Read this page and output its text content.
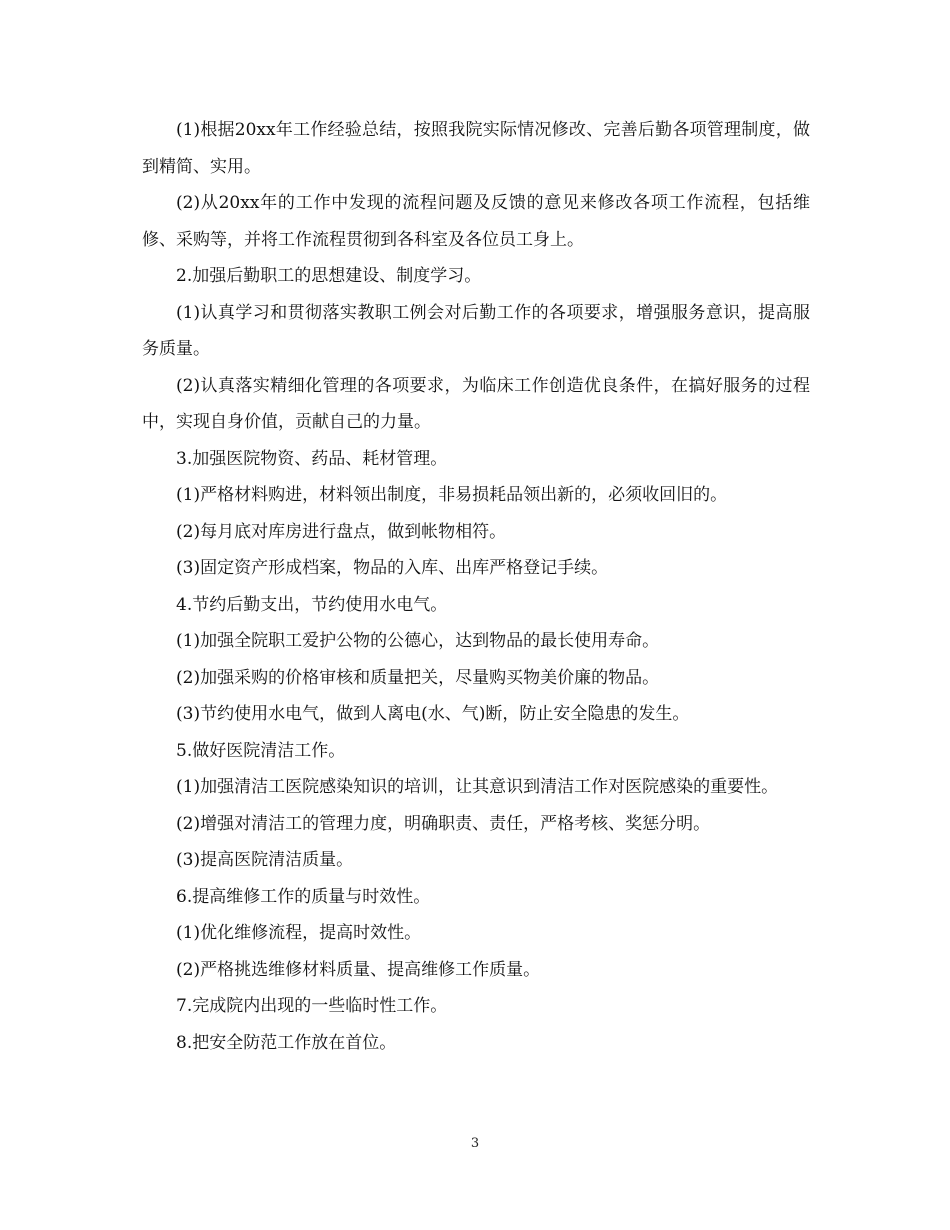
(1)根据20xx年工作经验总结，按照我院实际情况修改、完善后勤各项管理制度，做到精简、实用。

(2)从20xx年的工作中发现的流程问题及反馈的意见来修改各项工作流程，包括维修、采购等，并将工作流程贯彻到各科室及各位员工身上。

2.加强后勤职工的思想建设、制度学习。

(1)认真学习和贯彻落实教职工例会对后勤工作的各项要求，增强服务意识，提高服务质量。

(2)认真落实精细化管理的各项要求，为临床工作创造优良条件，在搞好服务的过程中，实现自身价值，贡献自己的力量。

3.加强医院物资、药品、耗材管理。

(1)严格材料购进，材料领出制度，非易损耗品领出新的，必须收回旧的。

(2)每月底对库房进行盘点，做到帐物相符。

(3)固定资产形成档案，物品的入库、出库严格登记手续。

4.节约后勤支出，节约使用水电气。

(1)加强全院职工爱护公物的公德心，达到物品的最长使用寿命。

(2)加强采购的价格审核和质量把关，尽量购买物美价廉的物品。

(3)节约使用水电气，做到人离电(水、气)断，防止安全隐患的发生。

5.做好医院清洁工作。

(1)加强清洁工医院感染知识的培训，让其意识到清洁工作对医院感染的重要性。

(2)增强对清洁工的管理力度，明确职责、责任，严格考核、奖惩分明。

(3)提高医院清洁质量。

6.提高维修工作的质量与时效性。

(1)优化维修流程，提高时效性。

(2)严格挑选维修材料质量、提高维修工作质量。

7.完成院内出现的一些临时性工作。

8.把安全防范工作放在首位。

3
